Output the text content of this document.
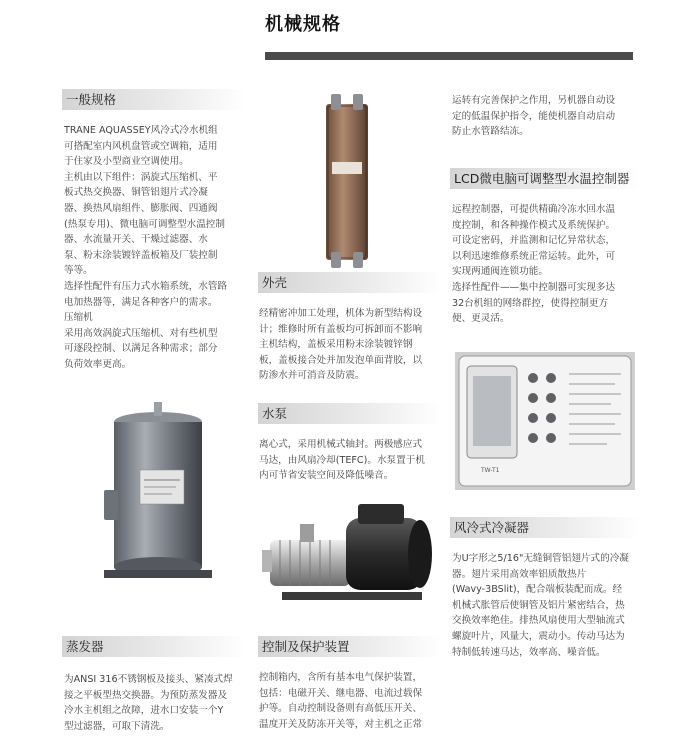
机械规格
一般规格

TRANE AQUASSEY风冷式冷水机组

可搭配室内风机盘管或空调箱，适用

于住家及小型商业空调使用。

主机由以下组件：涡旋式压缩机、平

板式热交换器、铜管铝翅片式冷凝

器、换热风扇组件、膨胀阀、四通阀

(热泵专用)、微电脑可调整型水温控制

器、水流量开关、干燥过滤器、水

泵、粉末涂装镀锌盖板箱及厂装控制

等等。

选择性配件有压力式水箱系统，水管路

电加热器等，满足各种客户的需求。

压缩机

采用高效涡旋式压缩机、对有些机型

可逐段控制、以满足各种需求；部分

负荷效率更高。

蒸发器

为ANSI 316不锈钢板及接头、紧凑式焊

接之平板型热交换器。为预防蒸发器及

冷水主机组之故障，进水口安装一个Y

型过滤器，可取下清洗。

外壳

经精密冲加工处理，机体为新型结构设

计；维修时所有盖板均可拆卸而不影响

主机结构，盖板采用粉末涂装镀锌钢

板，盖板接合处并加发泡单面背胶，以

防渗水并可消音及防震。

水泵

离心式，采用机械式轴封。两极感应式

马达，由风扇冷却(TEFC)。水泵置于机

内可节省安装空间及降低噪音。

控制及保护装置

控制箱内，含所有基本电气保护装置，

包括：电磁开关、继电器、电流过载保

护等。自动控制设备则有高低压开关、

温度开关及防冻开关等，对主机之正常

运转有完善保护之作用，另机器自动设

定的低温保护指令，能使机器自动启动

防止水管路结冻。

LCD微电脑可调整型水温控制器

远程控制器，可提供精确冷冻水回水温

度控制，和各种操作模式及系统保护。

可设定密码，并监测和记忆异常状态，

以利迅速维修系统正常运转。此外，可

实现两通阀连锁功能。

选择性配件——集中控制器可实现多达

32台机组的网络群控，使得控制更方

便、更灵活。

TW-T1
风冷式冷凝器

为U字形之5/16"无缝铜管铝翅片式的冷凝

器。翅片采用高效率铝质散热片

(Wavy-3BSlit)，配合端板装配而成。经

机械式胀管后使铜管及铝片紧密结合，热

交换效率绝佳。排热风扇使用大型轴流式

螺旋叶片，风量大，震动小。传动马达为

特制低转速马达，效率高、噪音低。
